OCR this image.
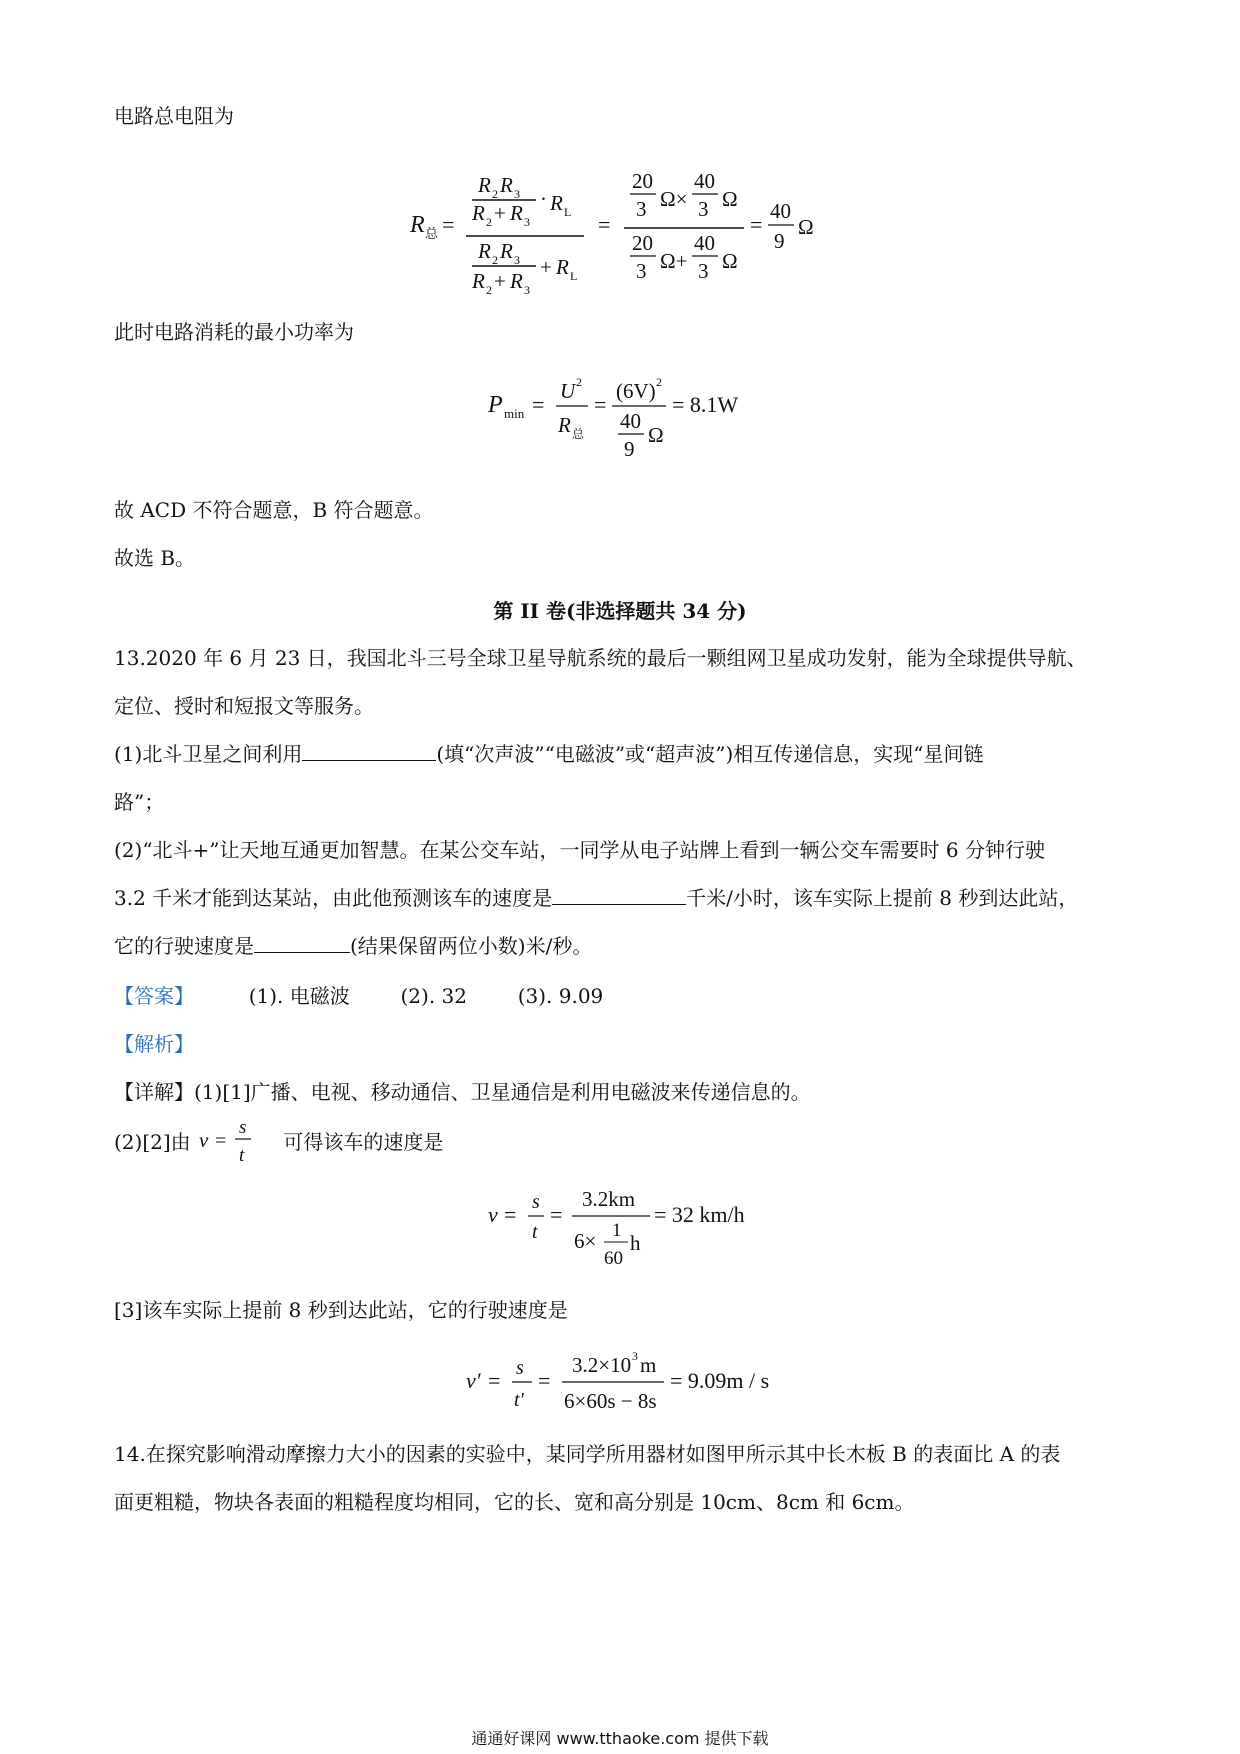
电路总电阻为
R 总 =
R 2 R 3
R 2 + R 3
· R L
R 2 R 3
R 2 + R 3
+ R L
=
20
3 Ω×
40
3 Ω
20
3 Ω+
40
3 Ω
=
40
9
Ω
此时电路消耗的最小功率为
P min =
U 2
R 总
=
(6V) 2
40
9
Ω
= 8.1W
故 ACD 不符合题意，B 符合题意。
故选 B。
第 II 卷(非选择题共 34 分)
13.2020 年 6 月 23 日，我国北斗三号全球卫星导航系统的最后一颗组网卫星成功发射，能为全球提供导航、
定位、授时和短报文等服务。
(1)北斗卫星之间利用	(填“次声波”“电磁波”或“超声波”)相互传递信息，实现“星间链
路”；
(2)“北斗+”让天地互通更加智慧。在某公交车站，一同学从电子站牌上看到一辆公交车需要时 6 分钟行驶
3.2 千米才能到达某站，由此他预测该车的速度是	千米/小时，该车实际上提前 8 秒到达此站，
它的行驶速度是	(结果保留两位小数)米/秒。
【答案】	(1). 电磁波	(2). 32	(3). 9.09
【解析】
【详解】(1)[1]广播、电视、移动通信、卫星通信是利用电磁波来传递信息的。
(2)[2]由 v =
s
t
可得该车的速度是
v = s
t
=
3.2km
6× 1
60
h
= 32 km/h
[3]该车实际上提前 8 秒到达此站，它的行驶速度是
v′ = s
t′
=
3.2×10 3 m
6×60s − 8s
= 9.09m / s
14.在探究影响滑动摩擦力大小的因素的实验中，某同学所用器材如图甲所示其中长木板 B 的表面比 A 的表
面更粗糙，物块各表面的粗糙程度均相同，它的长、宽和高分别是 10cm、8cm 和 6cm。
通通好课网 www.tthaoke.com 提供下载
